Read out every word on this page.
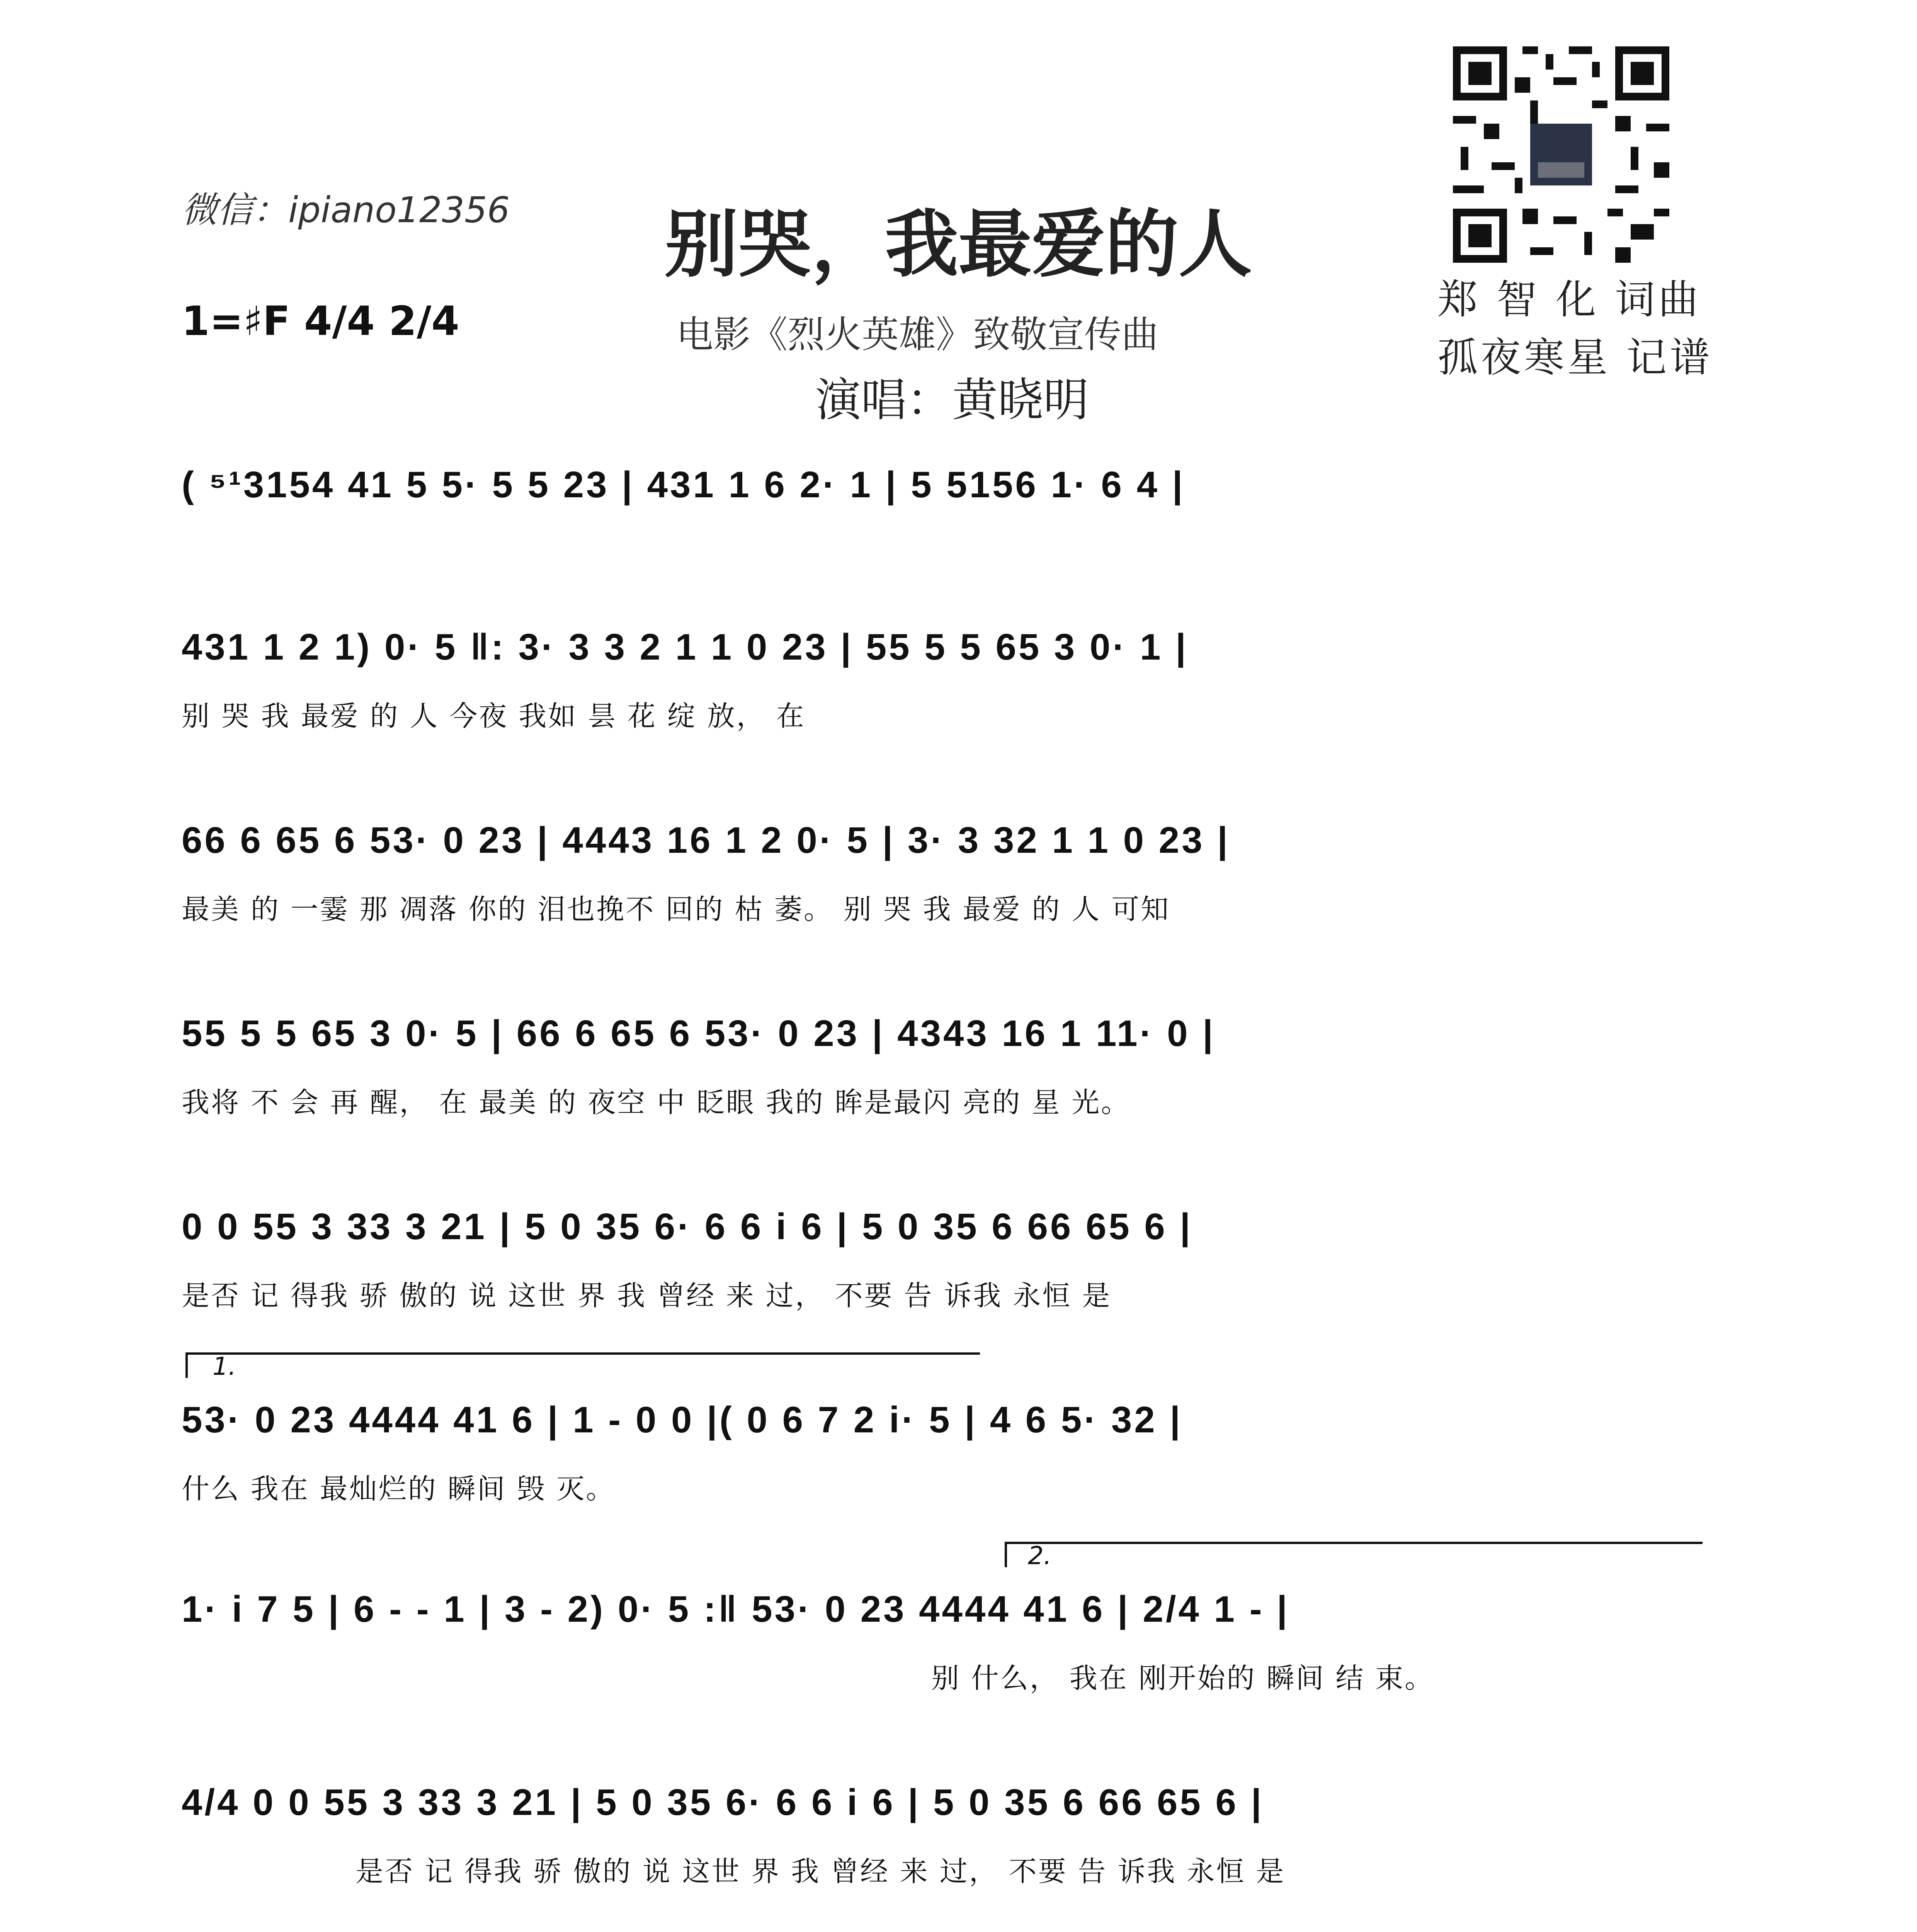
微信：ipiano12356 别哭，我最爱的人
1=♯F 4/4 2/4	电影《烈火英雄》致敬宣传曲
演唱：黄晓明
郑 智 化 词曲
孤夜寒星 记谱
( ⁵¹3154 41 5 5· 5 5 23 | 431 1 6 2· 1 | 5 5156 1· 6 4 |
431 1 2 1) 0· 5 ‖: 3· 3 3 2 1 1 0 23 | 55 5 5 65 3 0· 1 |
别 哭 我 最爱 的 人 今夜 我如 昙 花 绽 放， 在
66 6 65 6 53· 0 23 | 4443 16 1 2 0· 5 | 3· 3 32 1 1 0 23 |
最美 的 一霎 那 凋落 你的 泪也挽不 回的 枯 萎。 别 哭 我 最爱 的 人 可知
55 5 5 65 3 0· 5 | 66 6 65 6 53· 0 23 | 4343 16 1 11· 0 |
我将 不 会 再 醒， 在 最美 的 夜空 中 眨眼 我的 眸是最闪 亮的 星 光。
0 0 55 3 33 3 21 | 5 0 35 6· 6 6 i 6 | 5 0 35 6 66 65 6 |
是否 记 得我 骄 傲的 说 这世 界 我 曾经 来 过， 不要 告 诉我 永恒 是
1.
53· 0 23 4444 41 6 | 1 - 0 0 |( 0 6 7 2 i· 5 | 4 6 5· 32 |
什么 我在 最灿烂的 瞬间 毁 灭。
2.
1· i 7 5 | 6 - - 1 | 3 - 2) 0· 5 :‖ 53· 0 23 4444 41 6 | 2/4 1 - |
别 什么， 我在 刚开始的 瞬间 结 束。
4/4 0 0 55 3 33 3 21 | 5 0 35 6· 6 6 i 6 | 5 0 35 6 66 65 6 |
是否 记 得我 骄 傲的 说 这世 界 我 曾经 来 过， 不要 告 诉我 永恒 是
